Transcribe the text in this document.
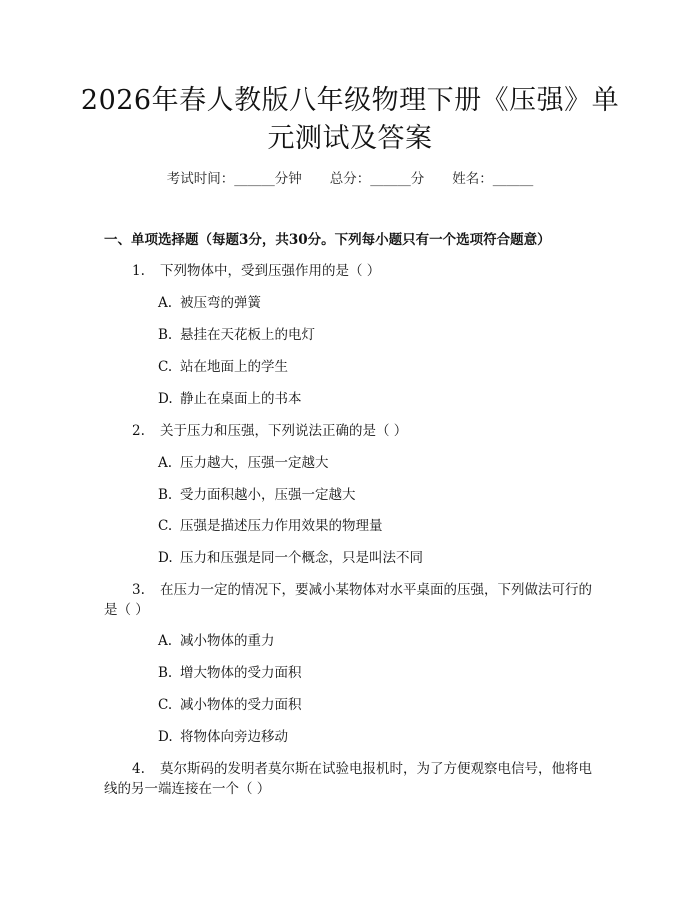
2026年春人教版八年级物理下册《压强》单
元测试及答案
考试时间：______分钟 总分：______分 姓名：______
一、单项选择题（每题3分，共30分。下列每小题只有一个选项符合题意）
1. 下列物体中，受到压强作用的是（ ）
A. 被压弯的弹簧
B. 悬挂在天花板上的电灯
C. 站在地面上的学生
D. 静止在桌面上的书本
2. 关于压力和压强，下列说法正确的是（ ）
A. 压力越大，压强一定越大
B. 受力面积越小，压强一定越大
C. 压强是描述压力作用效果的物理量
D. 压力和压强是同一个概念，只是叫法不同
3. 在压力一定的情况下，要减小某物体对水平桌面的压强，下列做法可行的
是（ ）
A. 减小物体的重力
B. 增大物体的受力面积
C. 减小物体的受力面积
D. 将物体向旁边移动
4. 莫尔斯码的发明者莫尔斯在试验电报机时，为了方便观察电信号，他将电
线的另一端连接在一个（ ）
